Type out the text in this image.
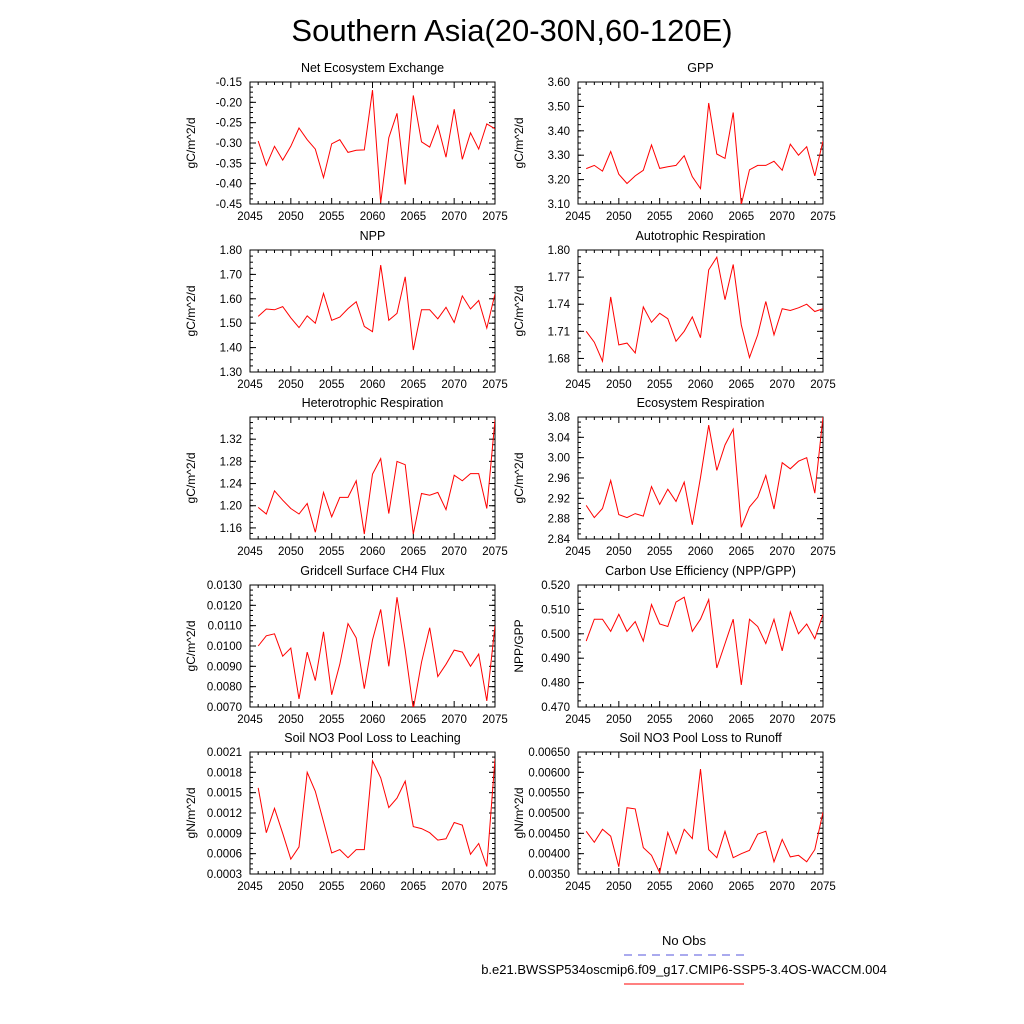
Southern Asia(20-30N,60-120E)
Net Ecosystem Exchange
2045 2050 2055 2060 2065 2070 2075
-0.45
-0.40
-0.35
-0.30
-0.25
-0.20
-0.15
gC/m^2/d
GPP
2045 2050 2055 2060 2065 2070 2075
3.10
3.20
3.30
3.40
3.50
3.60
gC/m^2/d
NPP
2045 2050 2055 2060 2065 2070 2075
1.30
1.40
1.50
1.60
1.70
1.80
gC/m^2/d
Autotrophic Respiration
2045 2050 2055 2060 2065 2070 2075
1.68
1.71
1.74
1.77
1.80
gC/m^2/d
Heterotrophic Respiration
2045 2050 2055 2060 2065 2070 2075
1.16
1.20
1.24
1.28
1.32
gC/m^2/d
Ecosystem Respiration
2045 2050 2055 2060 2065 2070 2075
2.84
2.88
2.92
2.96
3.00
3.04
3.08
gC/m^2/d
Gridcell Surface CH4 Flux
2045 2050 2055 2060 2065 2070 2075
0.0070
0.0080
0.0090
0.0100
0.0110
0.0120
0.0130
gC/m^2/d
Carbon Use Efficiency (NPP/GPP)
2045 2050 2055 2060 2065 2070 2075
0.470
0.480
0.490
0.500
0.510
0.520
NPP/GPP
Soil NO3 Pool Loss to Leaching
2045 2050 2055 2060 2065 2070 2075
0.0003
0.0006
0.0009
0.0012
0.0015
0.0018
0.0021
gN/m^2/d
Soil NO3 Pool Loss to Runoff
2045 2050 2055 2060 2065 2070 2075
0.00350
0.00400
0.00450
0.00500
0.00550
0.00600
0.00650
gN/m^2/d
No Obs
b.e21.BWSSP534oscmip6.f09_g17.CMIP6-SSP5-3.4OS-WACCM.004
